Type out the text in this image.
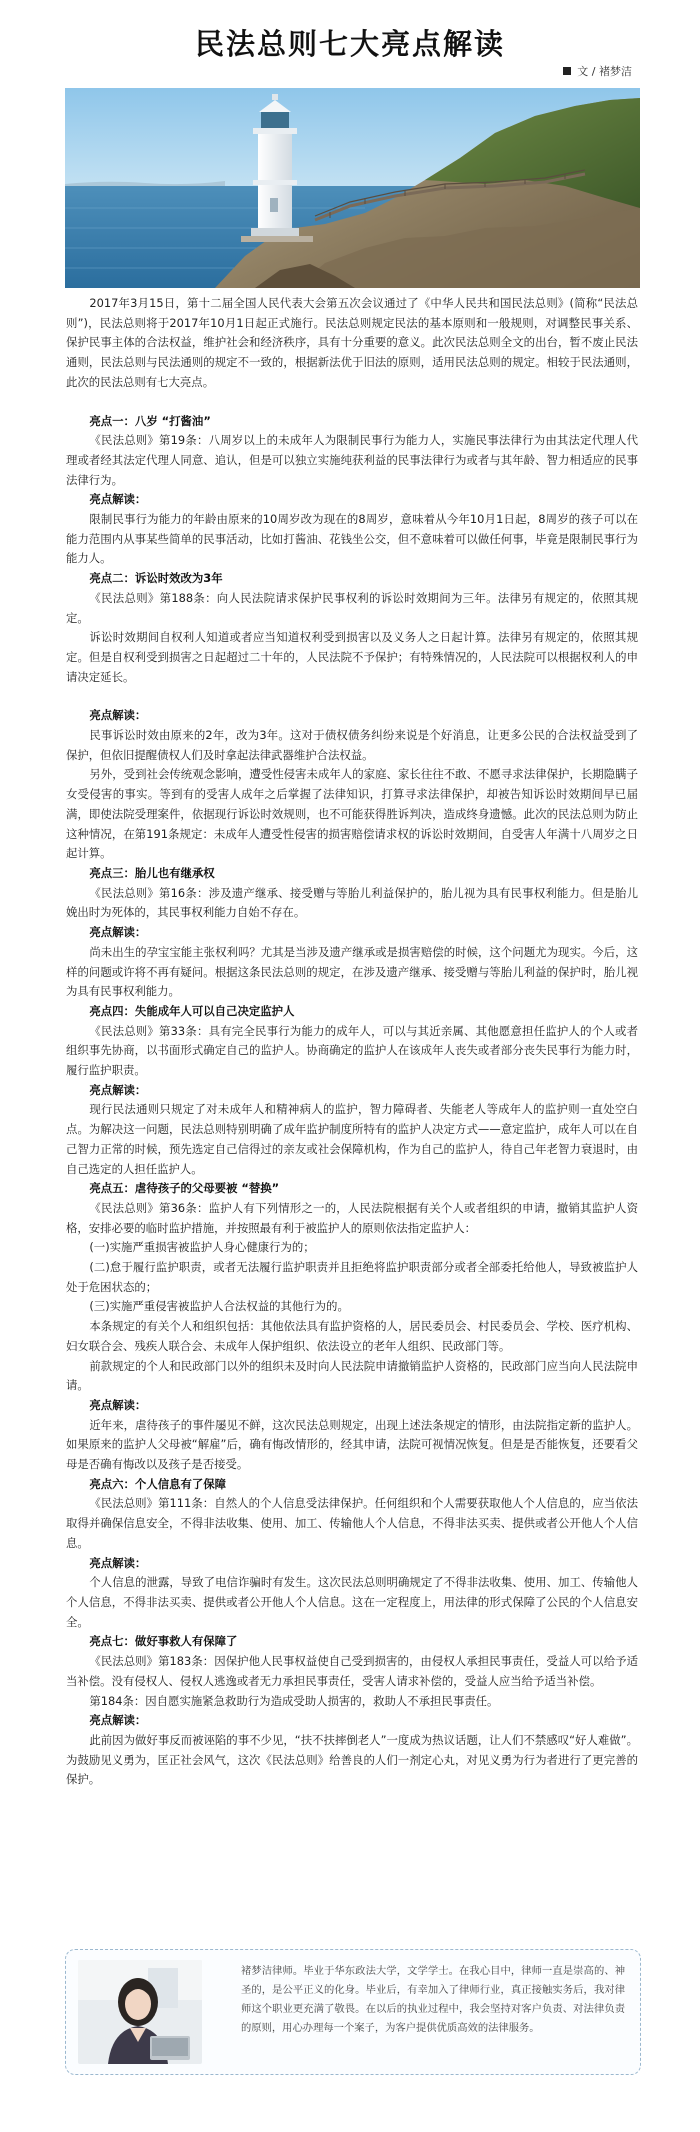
民法总则七大亮点解读
文 / 褚梦洁

2017年3月15日，第十二届全国人民代表大会第五次会议通过了《中华人民共和国民法总则》(简称“民法总则”)，民法总则将于2017年10月1日起正式施行。民法总则规定民法的基本原则和一般规则，对调整民事关系、保护民事主体的合法权益，维护社会和经济秩序，具有十分重要的意义。此次民法总则全文的出台，暂不废止民法通则，民法总则与民法通则的规定不一致的，根据新法优于旧法的原则，适用民法总则的规定。相较于民法通则，此次的民法总则有七大亮点。

亮点一：八岁 “打酱油”

《民法总则》第19条：八周岁以上的未成年人为限制民事行为能力人，实施民事法律行为由其法定代理人代理或者经其法定代理人同意、追认，但是可以独立实施纯获利益的民事法律行为或者与其年龄、智力相适应的民事法律行为。

亮点解读：

限制民事行为能力的年龄由原来的10周岁改为现在的8周岁，意味着从今年10月1日起，8周岁的孩子可以在能力范围内从事某些简单的民事活动，比如打酱油、花钱坐公交，但不意味着可以做任何事，毕竟是限制民事行为能力人。

亮点二：诉讼时效改为3年

《民法总则》第188条：向人民法院请求保护民事权利的诉讼时效期间为三年。法律另有规定的，依照其规定。

诉讼时效期间自权利人知道或者应当知道权利受到损害以及义务人之日起计算。法律另有规定的，依照其规定。但是自权利受到损害之日起超过二十年的，人民法院不予保护；有特殊情况的，人民法院可以根据权利人的申请决定延长。

亮点解读：

民事诉讼时效由原来的2年，改为3年。这对于债权债务纠纷来说是个好消息，让更多公民的合法权益受到了保护，但依旧提醒债权人们及时拿起法律武器维护合法权益。

另外，受到社会传统观念影响，遭受性侵害未成年人的家庭、家长往往不敢、不愿寻求法律保护，长期隐瞒子女受侵害的事实。等到有的受害人成年之后掌握了法律知识，打算寻求法律保护，却被告知诉讼时效期间早已届满，即使法院受理案件，依据现行诉讼时效规则，也不可能获得胜诉判决，造成终身遗憾。此次的民法总则为防止这种情况，在第191条规定：未成年人遭受性侵害的损害赔偿请求权的诉讼时效期间，自受害人年满十八周岁之日起计算。

亮点三：胎儿也有继承权

《民法总则》第16条：涉及遗产继承、接受赠与等胎儿利益保护的，胎儿视为具有民事权利能力。但是胎儿娩出时为死体的，其民事权利能力自始不存在。

亮点解读：

尚未出生的孕宝宝能主张权利吗？尤其是当涉及遗产继承或是损害赔偿的时候，这个问题尤为现实。今后，这样的问题或许将不再有疑问。根据这条民法总则的规定，在涉及遗产继承、接受赠与等胎儿利益的保护时，胎儿视为具有民事权利能力。

亮点四：失能成年人可以自己决定监护人

《民法总则》第33条：具有完全民事行为能力的成年人，可以与其近亲属、其他愿意担任监护人的个人或者组织事先协商，以书面形式确定自己的监护人。协商确定的监护人在该成年人丧失或者部分丧失民事行为能力时，履行监护职责。

亮点解读：

现行民法通则只规定了对未成年人和精神病人的监护，智力障碍者、失能老人等成年人的监护则一直处空白点。为解决这一问题，民法总则特别明确了成年监护制度所特有的监护人决定方式——意定监护，成年人可以在自己智力正常的时候，预先选定自己信得过的亲友或社会保障机构，作为自己的监护人，待自己年老智力衰退时，由自己选定的人担任监护人。

亮点五：虐待孩子的父母要被 “替换”

《民法总则》第36条：监护人有下列情形之一的，人民法院根据有关个人或者组织的申请，撤销其监护人资格，安排必要的临时监护措施，并按照最有利于被监护人的原则依法指定监护人：

(一)实施严重损害被监护人身心健康行为的；

(二)怠于履行监护职责，或者无法履行监护职责并且拒绝将监护职责部分或者全部委托给他人，导致被监护人处于危困状态的；

(三)实施严重侵害被监护人合法权益的其他行为的。

本条规定的有关个人和组织包括：其他依法具有监护资格的人，居民委员会、村民委员会、学校、医疗机构、妇女联合会、残疾人联合会、未成年人保护组织、依法设立的老年人组织、民政部门等。

前款规定的个人和民政部门以外的组织未及时向人民法院申请撤销监护人资格的，民政部门应当向人民法院申请。

亮点解读：

近年来，虐待孩子的事件屡见不鲜，这次民法总则规定，出现上述法条规定的情形，由法院指定新的监护人。如果原来的监护人父母被“解雇”后，确有悔改情形的，经其申请，法院可视情况恢复。但是是否能恢复，还要看父母是否确有悔改以及孩子是否接受。

亮点六：个人信息有了保障

《民法总则》第111条：自然人的个人信息受法律保护。任何组织和个人需要获取他人个人信息的，应当依法取得并确保信息安全，不得非法收集、使用、加工、传输他人个人信息，不得非法买卖、提供或者公开他人个人信息。

亮点解读：

个人信息的泄露，导致了电信诈骗时有发生。这次民法总则明确规定了不得非法收集、使用、加工、传输他人个人信息，不得非法买卖、提供或者公开他人个人信息。这在一定程度上，用法律的形式保障了公民的个人信息安全。

亮点七：做好事救人有保障了

《民法总则》第183条：因保护他人民事权益使自己受到损害的，由侵权人承担民事责任，受益人可以给予适当补偿。没有侵权人、侵权人逃逸或者无力承担民事责任，受害人请求补偿的，受益人应当给予适当补偿。

第184条：因自愿实施紧急救助行为造成受助人损害的，救助人不承担民事责任。

亮点解读：

此前因为做好事反而被诬陷的事不少见，“扶不扶摔倒老人”一度成为热议话题，让人们不禁感叹“好人难做”。为鼓励见义勇为，匡正社会风气，这次《民法总则》给善良的人们一剂定心丸，对见义勇为行为者进行了更完善的保护。

褚梦洁律师。毕业于华东政法大学，文学学士。在我心目中，律师一直是崇高的、神圣的，是公平正义的化身。毕业后，有幸加入了律师行业，真正接触实务后，我对律师这个职业更充满了敬畏。在以后的执业过程中，我会坚持对客户负责、对法律负责的原则，用心办理每一个案子，为客户提供优质高效的法律服务。
